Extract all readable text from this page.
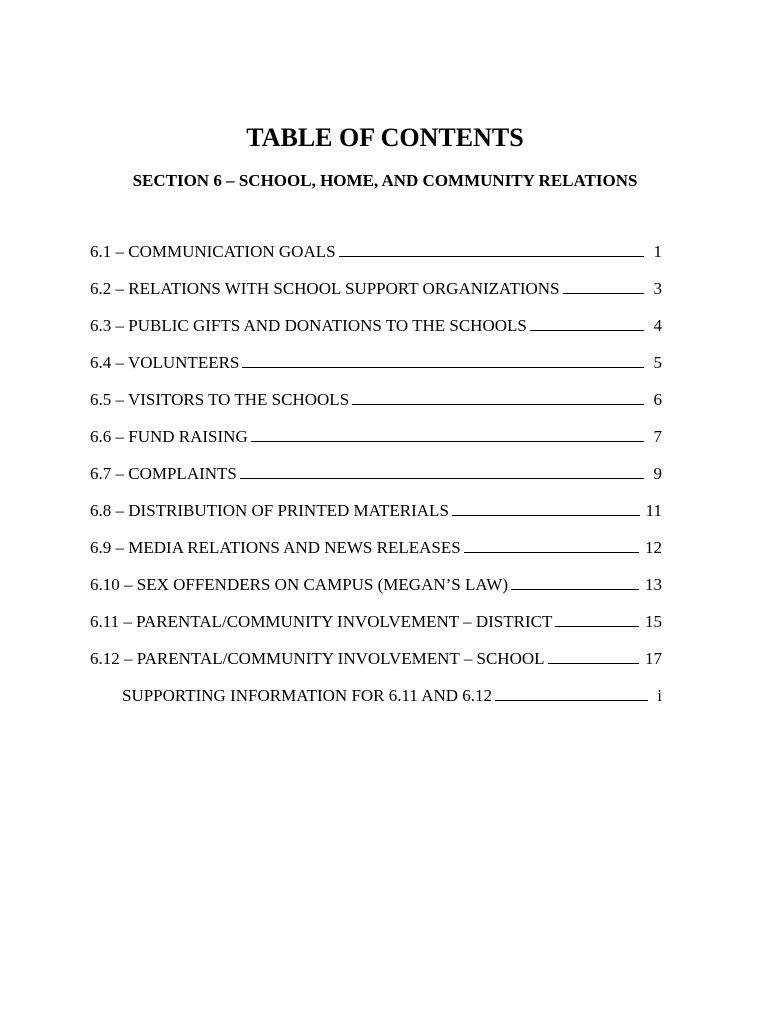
TABLE OF CONTENTS
SECTION 6 – SCHOOL, HOME, AND COMMUNITY RELATIONS
6.1 – COMMUNICATION GOALS	1
6.2 – RELATIONS WITH SCHOOL SUPPORT ORGANIZATIONS	3
6.3 – PUBLIC GIFTS AND DONATIONS TO THE SCHOOLS	4
6.4 – VOLUNTEERS	5
6.5 – VISITORS TO THE SCHOOLS	6
6.6 – FUND RAISING	7
6.7 – COMPLAINTS	9
6.8 – DISTRIBUTION OF PRINTED MATERIALS	11
6.9 – MEDIA RELATIONS AND NEWS RELEASES	12
6.10 – SEX OFFENDERS ON CAMPUS (MEGAN’S LAW)	13
6.11 – PARENTAL/COMMUNITY INVOLVEMENT – DISTRICT	15
6.12 – PARENTAL/COMMUNITY INVOLVEMENT – SCHOOL	17
SUPPORTING INFORMATION FOR 6.11 AND 6.12	i
